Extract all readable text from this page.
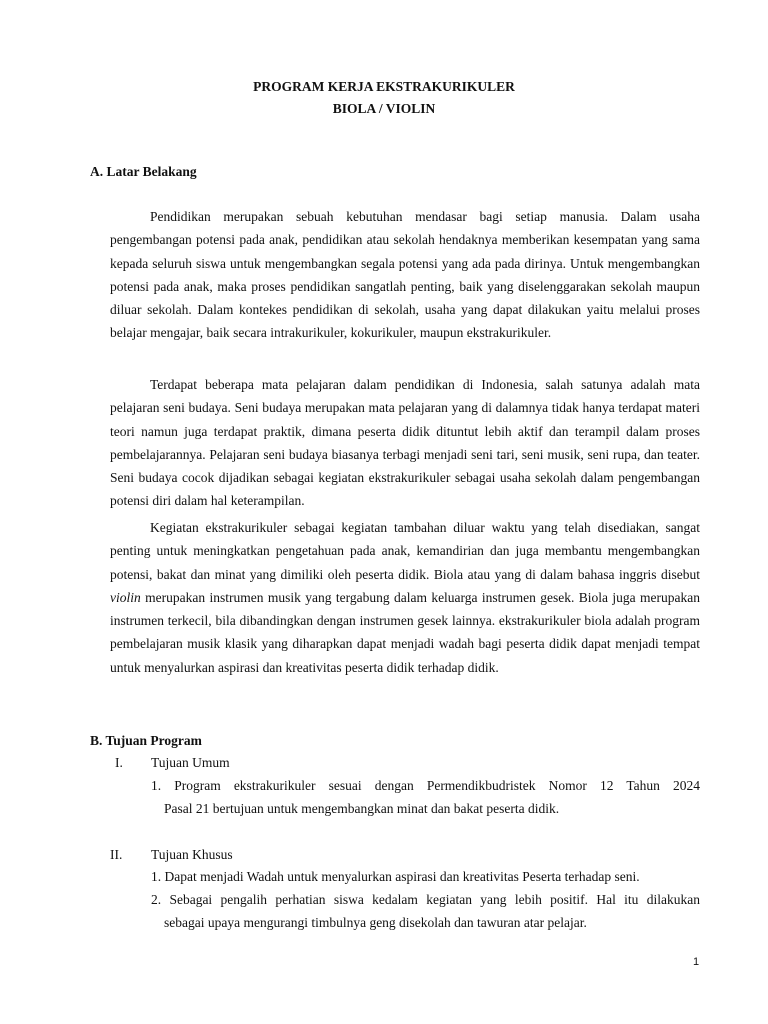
PROGRAM KERJA EKSTRAKURIKULER
BIOLA / VIOLIN
A. Latar Belakang
Pendidikan merupakan sebuah kebutuhan mendasar bagi setiap manusia. Dalam usaha pengembangan potensi pada anak, pendidikan atau sekolah hendaknya memberikan kesempatan yang sama kepada seluruh siswa untuk mengembangkan segala potensi yang ada pada dirinya. Untuk mengembangkan potensi pada anak, maka proses pendidikan sangatlah penting, baik yang diselenggarakan sekolah maupun diluar sekolah. Dalam kontekes pendidikan di sekolah, usaha yang dapat dilakukan yaitu melalui proses belajar mengajar, baik secara intrakurikuler, kokurikuler, maupun ekstrakurikuler.
Terdapat beberapa mata pelajaran dalam pendidikan di Indonesia, salah satunya adalah mata pelajaran seni budaya. Seni budaya merupakan mata pelajaran yang di dalamnya tidak hanya terdapat materi teori namun juga terdapat praktik, dimana peserta didik dituntut lebih aktif dan terampil dalam proses pembelajarannya. Pelajaran seni budaya biasanya terbagi menjadi seni tari, seni musik, seni rupa, dan teater. Seni budaya cocok dijadikan sebagai kegiatan ekstrakurikuler sebagai usaha sekolah dalam pengembangan potensi diri dalam hal keterampilan.
Kegiatan ekstrakurikuler sebagai kegiatan tambahan diluar waktu yang telah disediakan, sangat penting untuk meningkatkan pengetahuan pada anak, kemandirian dan juga membantu mengembangkan potensi, bakat dan minat yang dimiliki oleh peserta didik. Biola atau yang di dalam bahasa inggris disebut violin merupakan instrumen musik yang tergabung dalam keluarga instrumen gesek. Biola juga merupakan instrumen terkecil, bila dibandingkan dengan instrumen gesek lainnya. ekstrakurikuler biola adalah program pembelajaran musik klasik yang diharapkan dapat menjadi wadah bagi peserta didik dapat menjadi tempat untuk menyalurkan aspirasi dan kreativitas peserta didik terhadap didik.
B. Tujuan Program
I. Tujuan Umum
1. Program ekstrakurikuler sesuai dengan Permendikbudristek Nomor 12 Tahun 2024
Pasal 21 bertujuan untuk mengembangkan minat dan bakat peserta didik.
II. Tujuan Khusus
1. Dapat menjadi Wadah untuk menyalurkan aspirasi dan kreativitas Peserta terhadap seni.
2. Sebagai pengalih perhatian siswa kedalam kegiatan yang lebih positif. Hal itu dilakukan
sebagai upaya mengurangi timbulnya geng disekolah dan tawuran atar pelajar.
1
